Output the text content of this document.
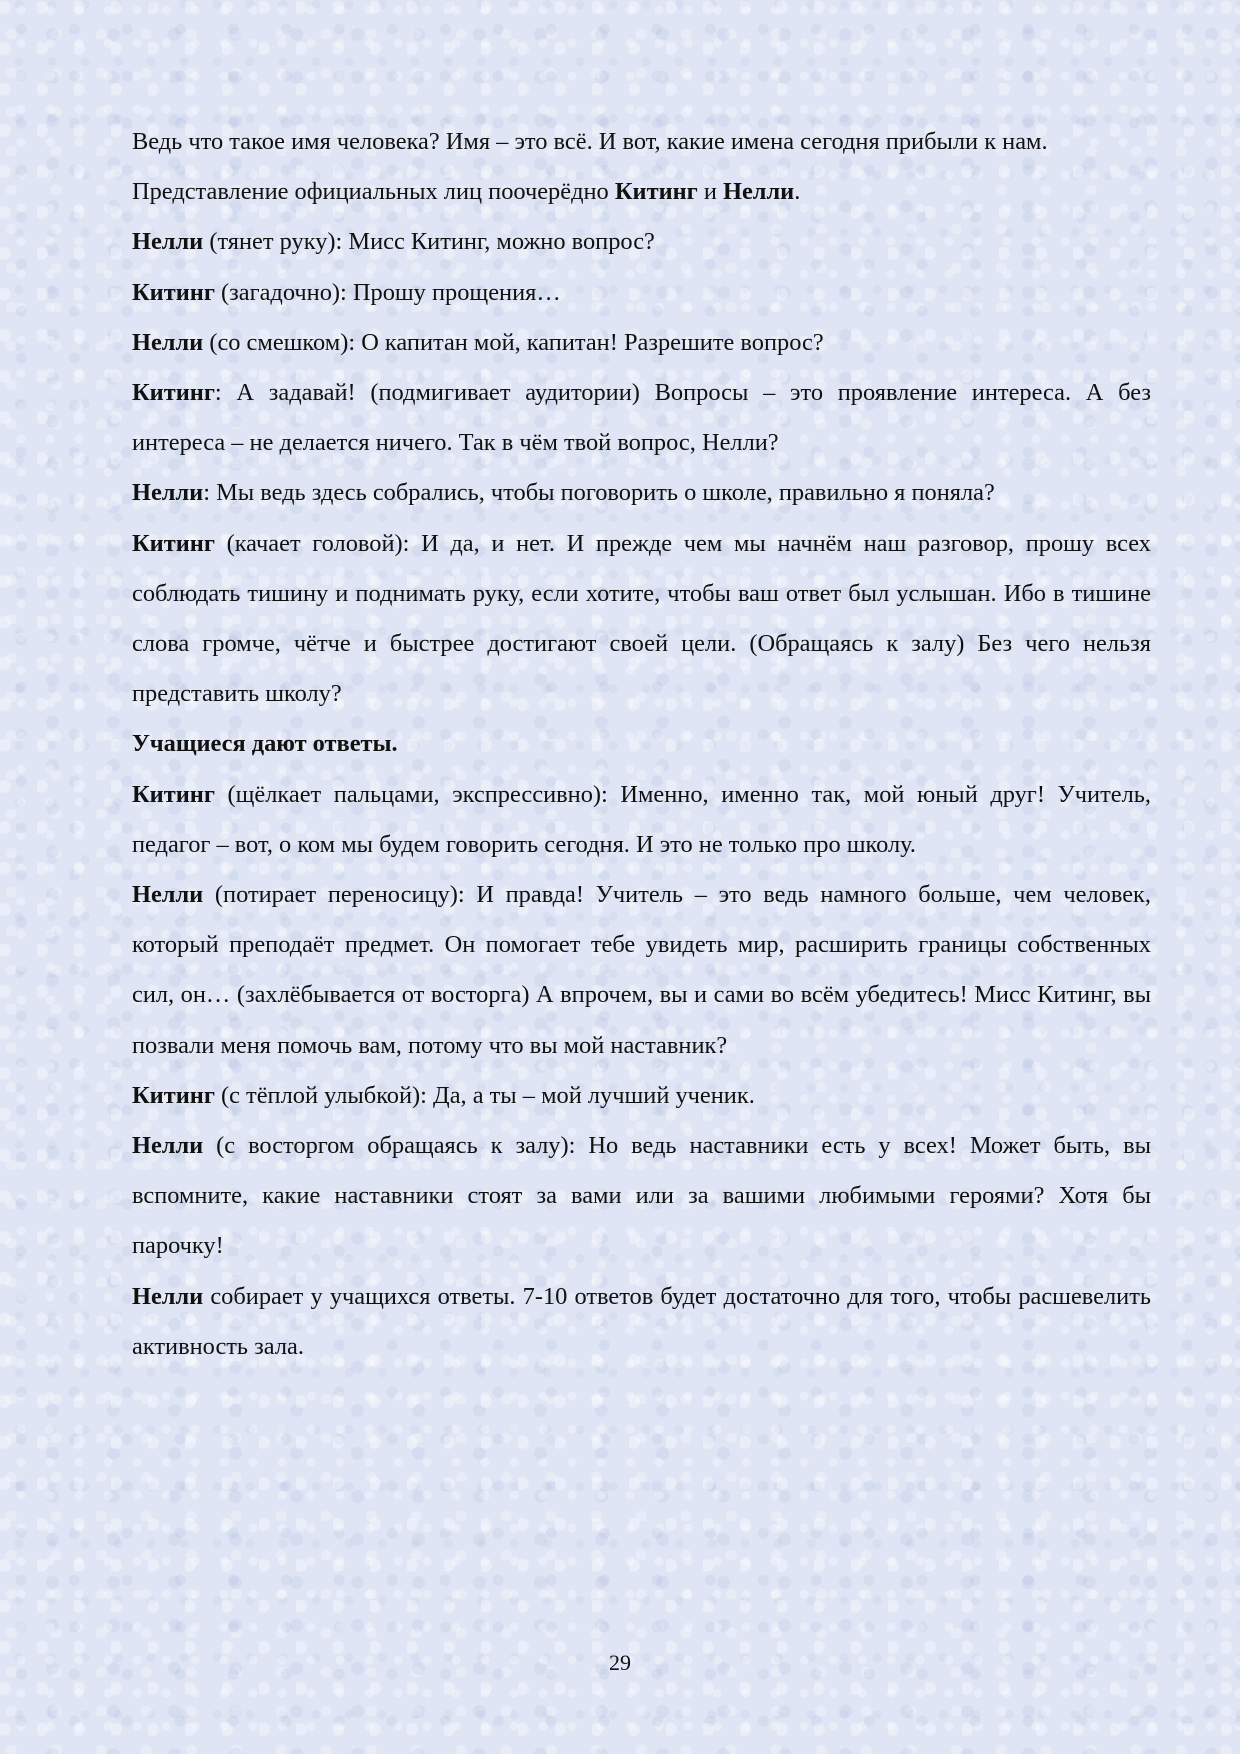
Ведь что такое имя человека? Имя – это всё. И вот, какие имена сегодня прибыли к нам.

Представление официальных лиц поочерёдно Китинг и Нелли.

Нелли (тянет руку): Мисс Китинг, можно вопрос?

Китинг (загадочно): Прошу прощения…

Нелли (со смешком): О капитан мой, капитан! Разрешите вопрос?

Китинг: А задавай! (подмигивает аудитории) Вопросы – это проявление интереса. А без интереса – не делается ничего. Так в чём твой вопрос, Нелли?

Нелли: Мы ведь здесь собрались, чтобы поговорить о школе, правильно я поняла?

Китинг (качает головой): И да, и нет. И прежде чем мы начнём наш разговор, прошу всех соблюдать тишину и поднимать руку, если хотите, чтобы ваш ответ был услышан. Ибо в тишине слова громче, чётче и быстрее достигают своей цели. (Обращаясь к залу) Без чего нельзя представить школу?

Учащиеся дают ответы.

Китинг (щёлкает пальцами, экспрессивно): Именно, именно так, мой юный друг! Учитель, педагог – вот, о ком мы будем говорить сегодня. И это не только про школу.

Нелли (потирает переносицу): И правда! Учитель – это ведь намного больше, чем человек, который преподаёт предмет. Он помогает тебе увидеть мир, расширить границы собственных сил, он… (захлёбывается от восторга) А впрочем, вы и сами во всём убедитесь! Мисс Китинг, вы позвали меня помочь вам, потому что вы мой наставник?

Китинг (с тёплой улыбкой): Да, а ты – мой лучший ученик.

Нелли (с восторгом обращаясь к залу): Но ведь наставники есть у всех! Может быть, вы вспомните, какие наставники стоят за вами или за вашими любимыми героями? Хотя бы парочку!

Нелли собирает у учащихся ответы. 7-10 ответов будет достаточно для того, чтобы расшевелить активность зала.

29
